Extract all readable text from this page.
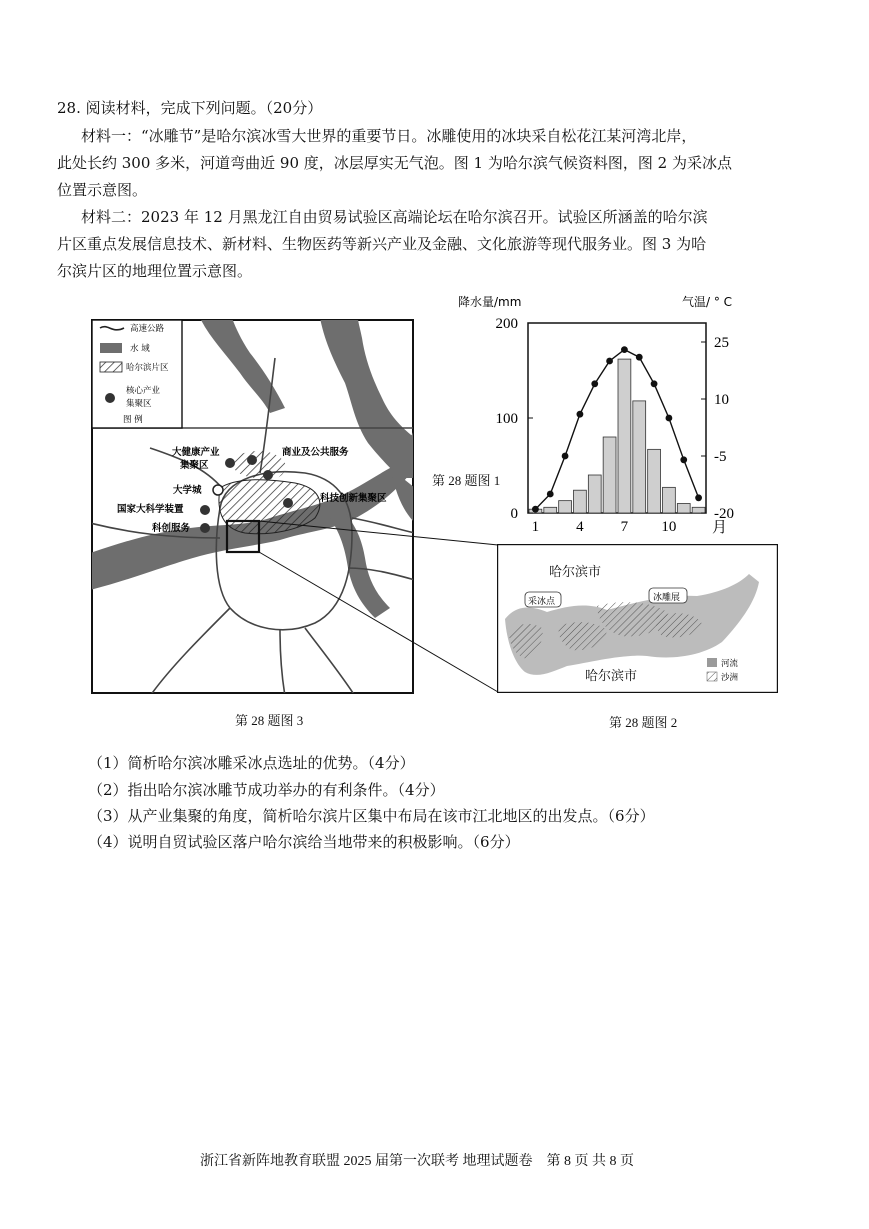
28. 阅读材料，完成下列问题。（20分）
材料一：“冰雕节”是哈尔滨冰雪大世界的重要节日。冰雕使用的冰块采自松花江某河湾北岸，
此处长约 300 多米，河道弯曲近 90 度，冰层厚实无气泡。图 1 为哈尔滨气候资料图，图 2 为采冰点
位置示意图。
材料二：2023 年 12 月黑龙江自由贸易试验区高端论坛在哈尔滨召开。试验区所涵盖的哈尔滨
片区重点发展信息技术、新材料、生物医药等新兴产业及金融、文化旅游等现代服务业。图 3 为哈
尔滨片区的地理位置示意图。
高速公路
水 域
哈尔滨片区
核心产业
集聚区
图 例
大健康产业
集聚区
商业及公共服务
大学城
国家大科学装置
科技创新集聚区
科创服务
哈尔滨市
哈尔滨市
采冰点	冰雕展
河流
沙洲
降水量/mm	气温/ ° C
0
100
200
25
10
-5
-20
1 4 7 10 月
第 28 题图 1
第 28 题图 3	第 28 题图 2
（1）简析哈尔滨冰雕采冰点选址的优势。（4分）
（2）指出哈尔滨冰雕节成功举办的有利条件。（4分）
（3）从产业集聚的角度，简析哈尔滨片区集中布局在该市江北地区的出发点。（6分）
（4）说明自贸试验区落户哈尔滨给当地带来的积极影响。（6分）
浙江省新阵地教育联盟 2025 届第一次联考 地理试题卷　第 8 页 共 8 页
